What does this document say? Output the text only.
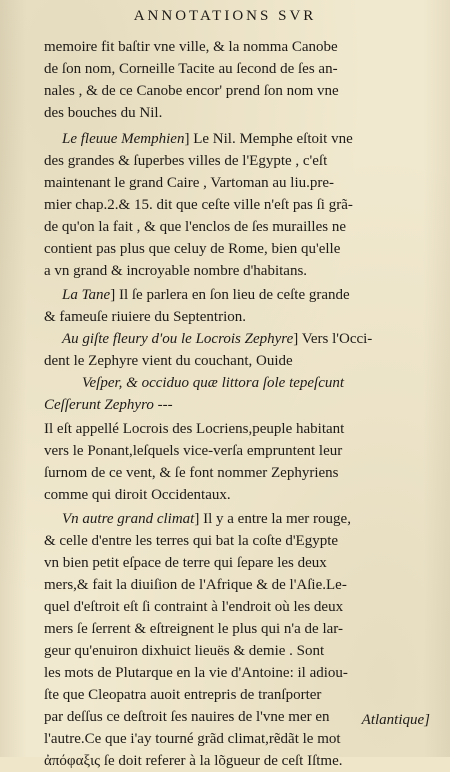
ANNOTATIONS SVR
memoire fit baſtir vne ville, & la nomma Canobe
de ſon nom, Corneille Tacite au ſecond de ſes an-
nales , & de ce Canobe encor' prend ſon nom vne
des bouches du Nil.
Le fleuue Memphien] Le Nil. Memphe eſtoit vne
des grandes & ſuperbes villes de l'Egypte , c'eſt
maintenant le grand Caire , Vartoman au liu.pre-
mier chap.2.& 15. dit que ceſte ville n'eſt pas ſi grã-
de qu'on la fait , & que l'enclos de ſes murailles ne
contient pas plus que celuy de Rome, bien qu'elle
a vn grand & incroyable nombre d'habitans.
La Tane] Il ſe parlera en ſon lieu de ceſte grande
& fameuſe riuiere du Septentrion.
Au giſte fleury d'ou le Locrois Zephyre] Vers l'Occi-
dent le Zephyre vient du couchant, Ouide
Veſper, & occiduo quæ littora ſole tepeſcunt
Ceſſerunt Zephyro ---
Il eſt appellé Locrois des Locriens,peuple habitant
vers le Ponant,leſquels vice-verſa empruntent leur
ſurnom de ce vent, & ſe font nommer Zephyriens
comme qui diroit Occidentaux.
Vn autre grand climat] Il y a entre la mer rouge,
& celle d'entre les terres qui bat la coſte d'Egypte
vn bien petit eſpace de terre qui ſepare les deux
mers,& fait la diuiſion de l'Afrique & de l'Aſie.Le-
quel d'eſtroit eſt ſi contraint à l'endroit où les deux
mers ſe ſerrent & eſtreignent le plus qui n'a de lar-
geur qu'enuiron dixhuict lieuës & demie . Sont
les mots de Plutarque en la vie d'Antoine: il adiou-
ſte que Cleopatra auoit entrepris de tranſporter
par deſſus ce deſtroit ſes nauires de l'vne mer en
l'autre.Ce que i'ay tourné grãd climat,rẽdãt le mot
ἀπόφαξις ſe doit referer à la lõgueur de ceſt Iſtme.
Atlantique]
